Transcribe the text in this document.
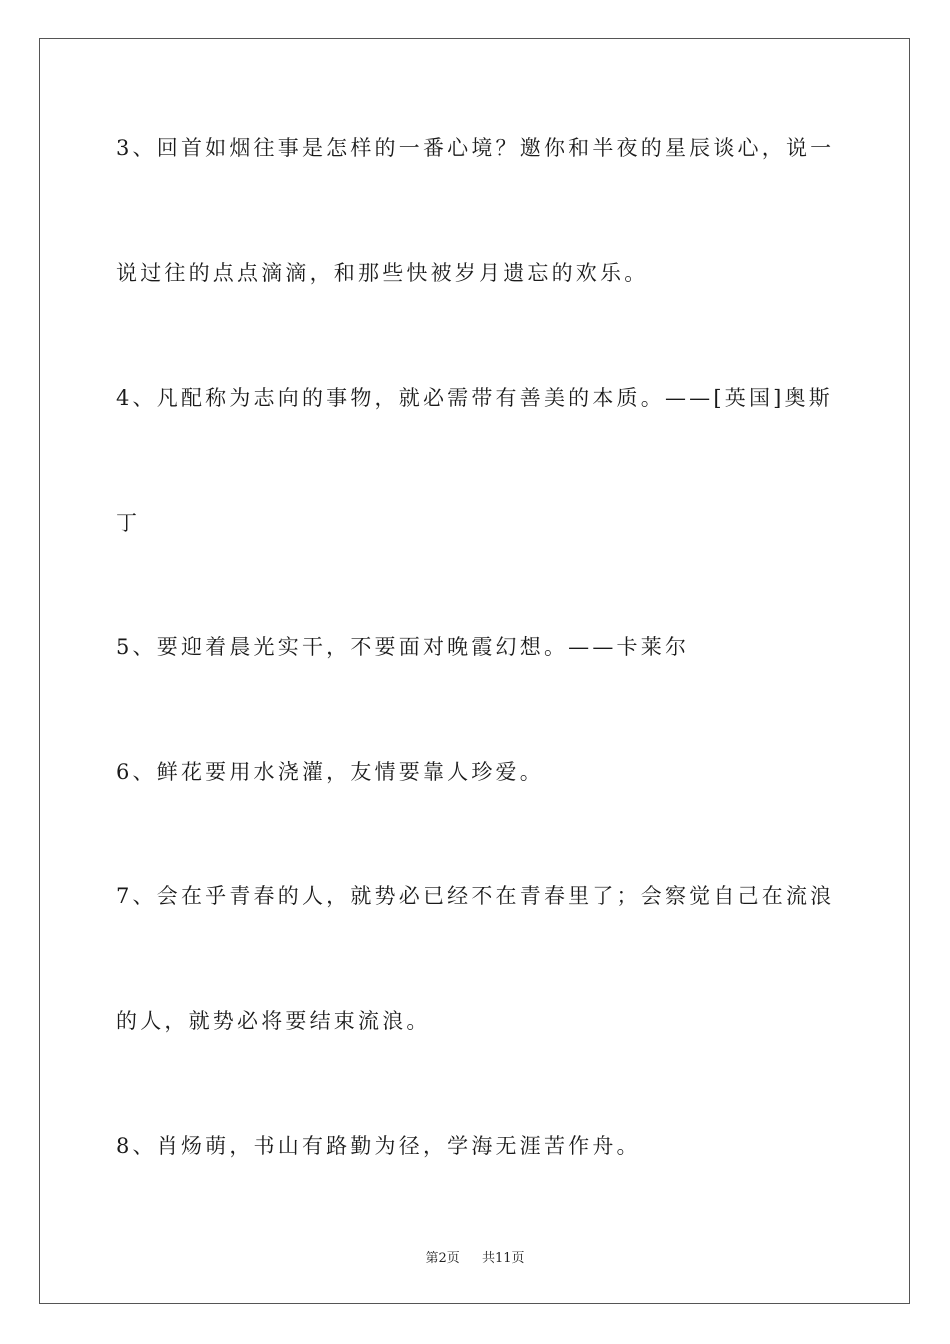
3、回首如烟往事是怎样的一番心境？邀你和半夜的星辰谈心，说一
说过往的点点滴滴，和那些快被岁月遗忘的欢乐。
4、凡配称为志向的事物，就必需带有善美的本质。——[英国]奥斯
丁
5、要迎着晨光实干，不要面对晚霞幻想。——卡莱尔
6、鲜花要用水浇灌，友情要靠人珍爱。
7、会在乎青春的人，就势必已经不在青春里了；会察觉自己在流浪
的人，就势必将要结束流浪。
8、肖炀萌，书山有路勤为径，学海无涯苦作舟。
第2页 共11页
